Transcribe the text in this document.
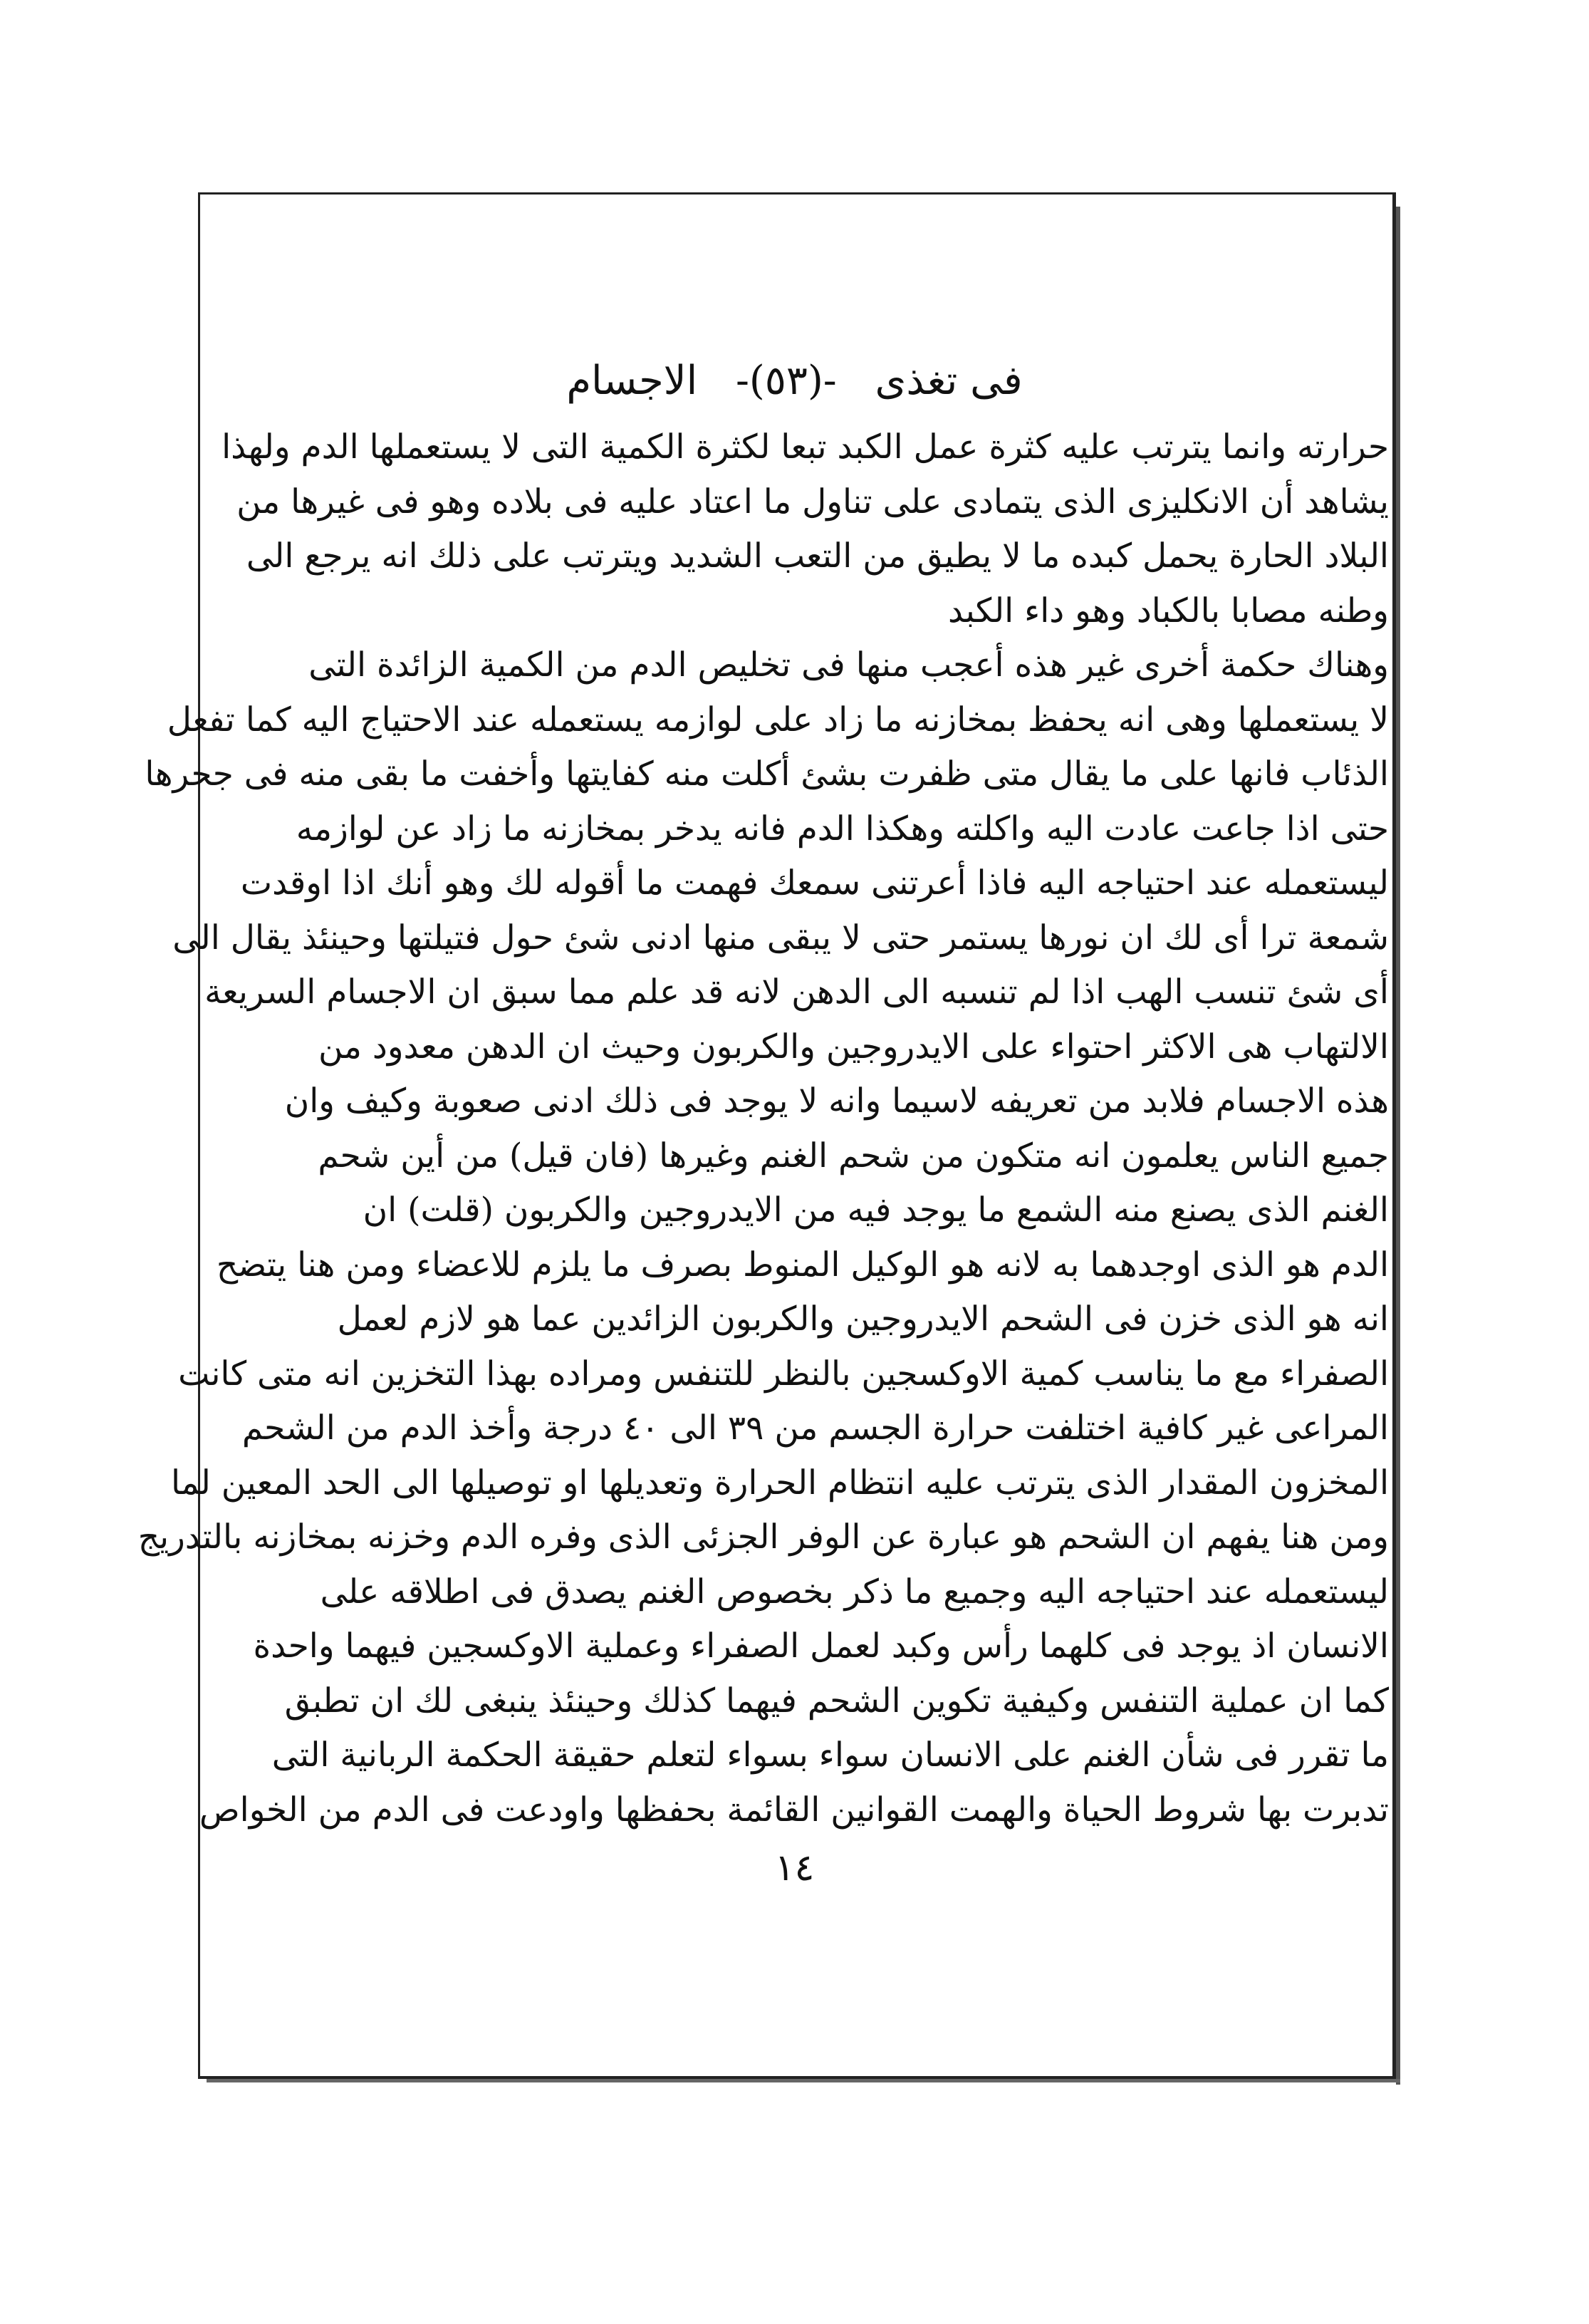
فى تغذى -(٥٣)- الاجسام
حرارته وانما يترتب عليه كثرة عمل الكبد تبعا لكثرة الكمية التى لا يستعملها الدم ولهذا
يشاهد أن الانكليزى الذى يتمادى على تناول ما اعتاد عليه فى بلاده وهو فى غيرها من
البلاد الحارة يحمل كبده ما لا يطيق من التعب الشديد ويترتب على ذلك انه يرجع الى
وطنه مصابا بالكباد وهو داء الكبد
وهناك حكمة أخرى غير هذه أعجب منها فى تخليص الدم من الكمية الزائدة التى
لا يستعملها وهى انه يحفظ بمخازنه ما زاد على لوازمه يستعمله عند الاحتياج اليه كما تفعل
الذئاب فانها على ما يقال متى ظفرت بشئ أكلت منه كفايتها وأخفت ما بقى منه فى جحرها
حتى اذا جاعت عادت اليه واكلته وهكذا الدم فانه يدخر بمخازنه ما زاد عن لوازمه
ليستعمله عند احتياجه اليه فاذا أعرتنى سمعك فهمت ما أقوله لك وهو أنك اذا اوقدت
شمعة ترا أى لك ان نورها يستمر حتى لا يبقى منها ادنى شئ حول فتيلتها وحينئذ يقال الى
أى شئ تنسب الهب اذا لم تنسبه الى الدهن لانه قد علم مما سبق ان الاجسام السريعة
الالتهاب هى الاكثر احتواء على الايدروجين والكربون وحيث ان الدهن معدود من
هذه الاجسام فلابد من تعريفه لاسيما وانه لا يوجد فى ذلك ادنى صعوبة وكيف وان
جميع الناس يعلمون انه متكون من شحم الغنم وغيرها (فان قيل) من أين شحم
الغنم الذى يصنع منه الشمع ما يوجد فيه من الايدروجين والكربون (قلت) ان
الدم هو الذى اوجدهما به لانه هو الوكيل المنوط بصرف ما يلزم للاعضاء ومن هنا يتضح
انه هو الذى خزن فى الشحم الايدروجين والكربون الزائدين عما هو لازم لعمل
الصفراء مع ما يناسب كمية الاوكسجين بالنظر للتنفس ومراده بهذا التخزين انه متى كانت
المراعى غير كافية اختلفت حرارة الجسم من ٣٩ الى ٤٠ درجة وأخذ الدم من الشحم
المخزون المقدار الذى يترتب عليه انتظام الحرارة وتعديلها او توصيلها الى الحد المعين لما
ومن هنا يفهم ان الشحم هو عبارة عن الوفر الجزئى الذى وفره الدم وخزنه بمخازنه بالتدريج
ليستعمله عند احتياجه اليه وجميع ما ذكر بخصوص الغنم يصدق فى اطلاقه على
الانسان اذ يوجد فى كلهما رأس وكبد لعمل الصفراء وعملية الاوكسجين فيهما واحدة
كما ان عملية التنفس وكيفية تكوين الشحم فيهما كذلك وحينئذ ينبغى لك ان تطبق
ما تقرر فى شأن الغنم على الانسان سواء بسواء لتعلم حقيقة الحكمة الربانية التى
تدبرت بها شروط الحياة والهمت القوانين القائمة بحفظها واودعت فى الدم من الخواص
١٤
